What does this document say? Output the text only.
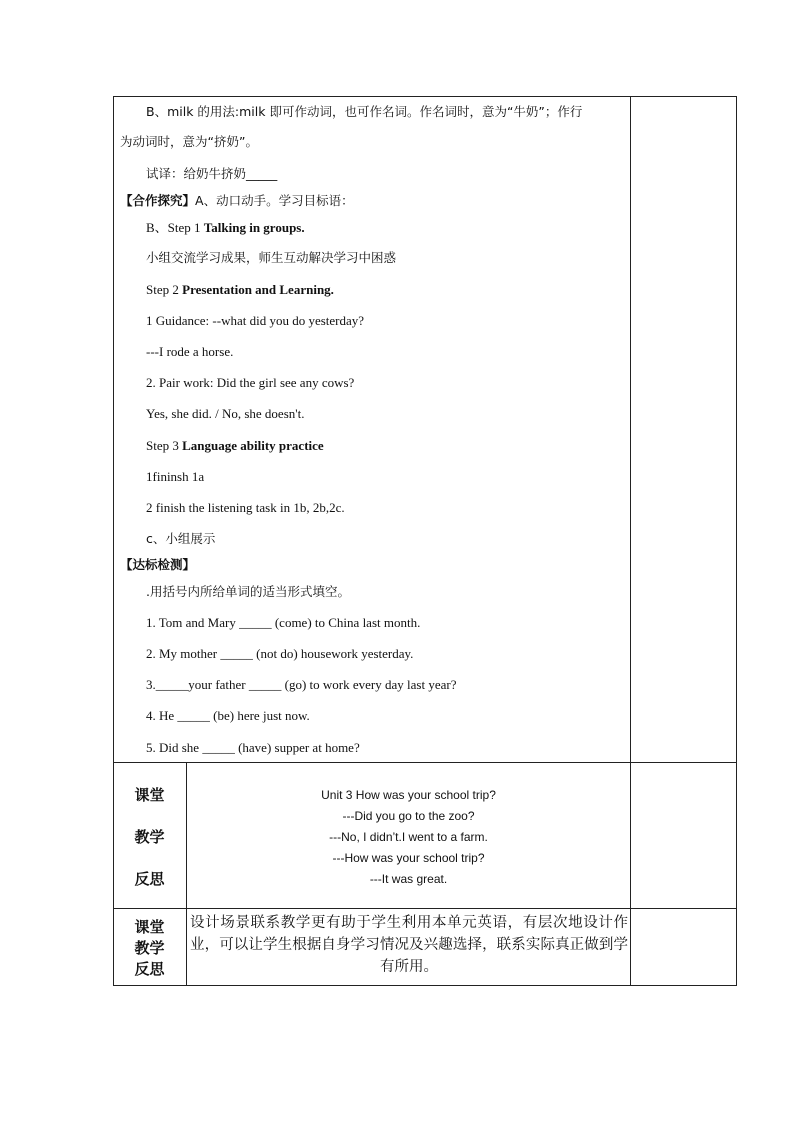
B、milk 的用法:milk 即可作动词，也可作名词。作名词时，意为“牛奶”；作行
为动词时，意为“挤奶”。
试译：给奶牛挤奶_____
【合作探究】A、动口动手。学习目标语：
B、Step 1 Talking in groups.
小组交流学习成果，师生互动解决学习中困惑
Step 2 Presentation and Learning.
1 Guidance: --what did you do yesterday?
---I rode a horse.
2. Pair work: Did the girl see any cows?
Yes, she did. / No, she doesn't.
Step 3 Language ability practice
1fininsh 1a
2 finish the listening task in 1b, 2b,2c.
c、小组展示
【达标检测】
.用括号内所给单词的适当形式填空。
1. Tom and Mary _____ (come) to China last month.
2. My mother _____ (not do) housework yesterday.
3._____your father _____ (go) to work every day last year?
4. He _____ (be) here just now.
5. Did she _____ (have) supper at home?
课堂
教学
反思
Unit 3 How was your school trip?
---Did you go to the zoo?
---No, I didn’t.I went to a farm.
---How was your school trip?
---It was great.
课堂
教学
反思
设计场景联系教学更有助于学生利用本单元英语，有层次地设计作业，可以让学生根据自身学习情况及兴趣选择，联系实际真正做到学有所用。
